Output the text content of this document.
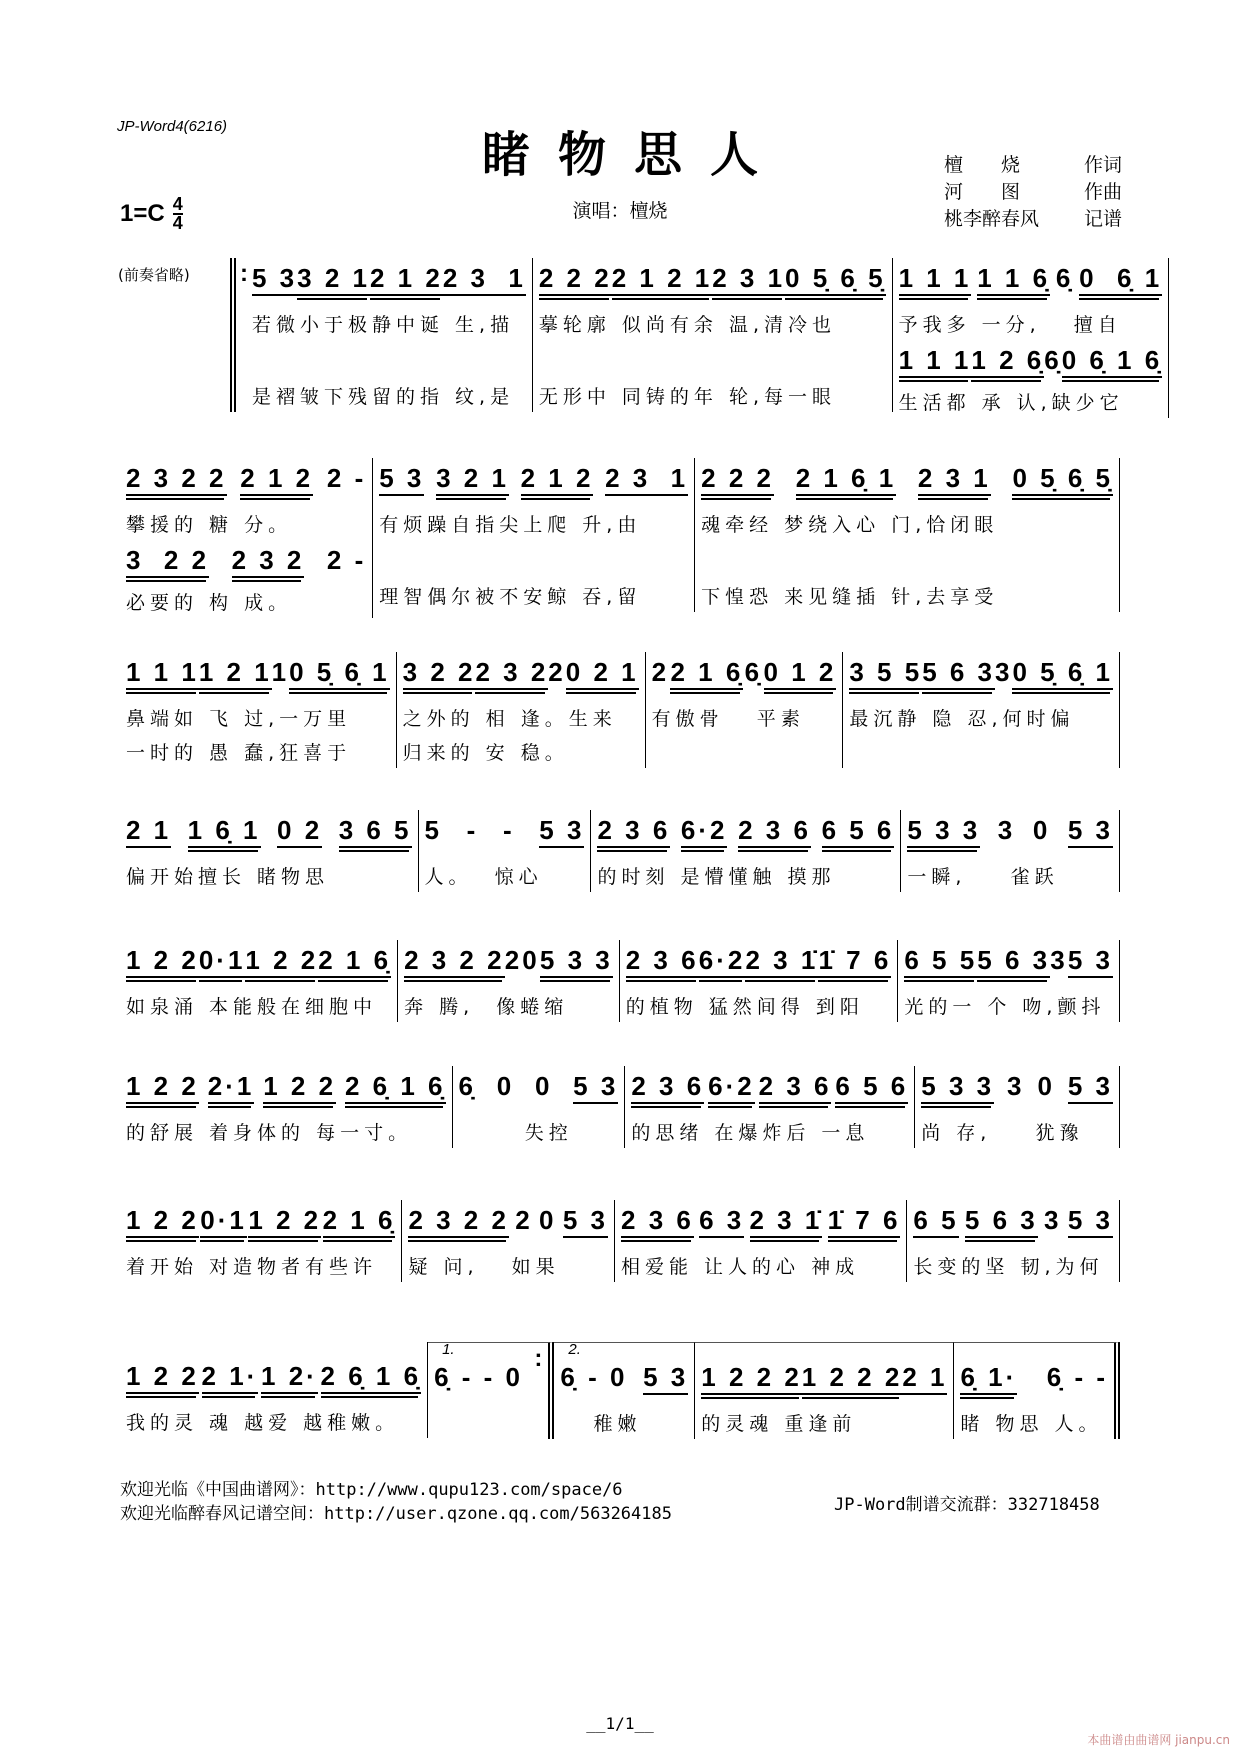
JP-Word4(6216)
睹物思人
$1=C \frac{4}{4}$	演唱：檀烧
檀　　烧	作词
河　　图	作曲
桃李醉春风 记谱
(前奏省略) : 5 3 3 2 1 2 1 2 2 3  1
若微小于极静中诞 生,描
是褶皱下残留的指 纹,是
2 2 2 2 1 2 1 2 3 1 0 5̣ 6̣ 5̣
摹轮廓 似尚有余 温,清冷也
无形中 同铸的年 轮,每一眼
1 1 1 1 1 6̣ 6̣ 0  6̣ 1
予我多 一分,   擅自
1 1 1 1 2 6̣ 6̣ 0 6̣ 1 6̣
生活都 承 认,缺少它
2 3 2 2 2 1 2 2 -
攀援的 糖 分。
3  2 2 2 3 2 2 -
必要的 构 成。
5 3 3 2 1 2 1 2 2 3  1
有烦躁自指尖上爬 升,由
理智偶尔被不安鲸 吞,留
2 2 2 2 1 6̣ 1 2 3 1 0 5̣ 6̣ 5̣
魂牵经 梦绕入心 门,恰闭眼
下惶恐 来见缝插 针,去享受
1 1 1 1 2 1 1 0 5̣ 6̣ 1
鼻端如 飞 过,一万里
一时的 愚 蠢,狂喜于
3 2 2 2 3 2 2 0 2 1
之外的 相 逢。生来
归来的 安 稳。
2 2 1 6̣ 6̣ 0 1 2
有傲骨   平素
3 5 5 5 6 3 3 0 5̣ 6̣ 1
最沉静 隐 忍,何时偏
2 1 1 6̣ 1 0 2 3 6 5
偏开始擅长 睹物思
5 - - 5 3
人。  惊心
2 3 6 6·2 2 3 6 6 5 6
的时刻 是懵懂触 摸那
5 3 3 3 0 5 3
一瞬,    雀跃
1 2 2 0·1 1 2 2 2 1 6̣
如泉涌 本能般在细胞中
2 3 2 2 2 0 5 3 3
奔 腾,  像蜷缩
2 3 6 6·2 2 3 1̇ 1̇ 7 6
的植物 猛然间得 到阳
6 5 5 5 6 3 3 5 3
光的一 个 吻,颤抖
1 2 2 2·1 1 2 2 2 6̣ 1 6̣
的舒展 着身体的 每一寸。
6̣ 0 0 5 3
失控
2 3 6 6·2 2 3 6 6 5 6
的思绪 在爆炸后 一息
5 3 3 3 0 5 3
尚 存,    犹豫
1 2 2 0·1 1 2 2 2 1 6̣
着开始 对造物者有些许
2 3 2 2 2 0 5 3
疑 问,   如果
2 3 6 6 3 2 3 1̇ 1̇ 7 6
相爱能 让人的心 神成
6 5 5 6 3 3 5 3
长变的坚 韧,为何
1 2 2 2 1· 1 2· 2 6̣ 1 6̣
我的灵 魂 越爱 越稚嫩。
1.
6̣ - - 0
:
2.
6̣ - 0 5 3
稚嫩
1 2 2 2 1 2 2 2 2 1
的灵魂 重逢前
6̣ 1· 6̣ - -
睹 物思 人。
欢迎光临《中国曲谱网》：http://www.qupu123.com/space/6
欢迎光临醉春风记谱空间：http://user.qzone.qq.com/563264185	JP-Word制谱交流群：332718458
__1/1__
本曲谱由曲谱网 jianpu.cn
